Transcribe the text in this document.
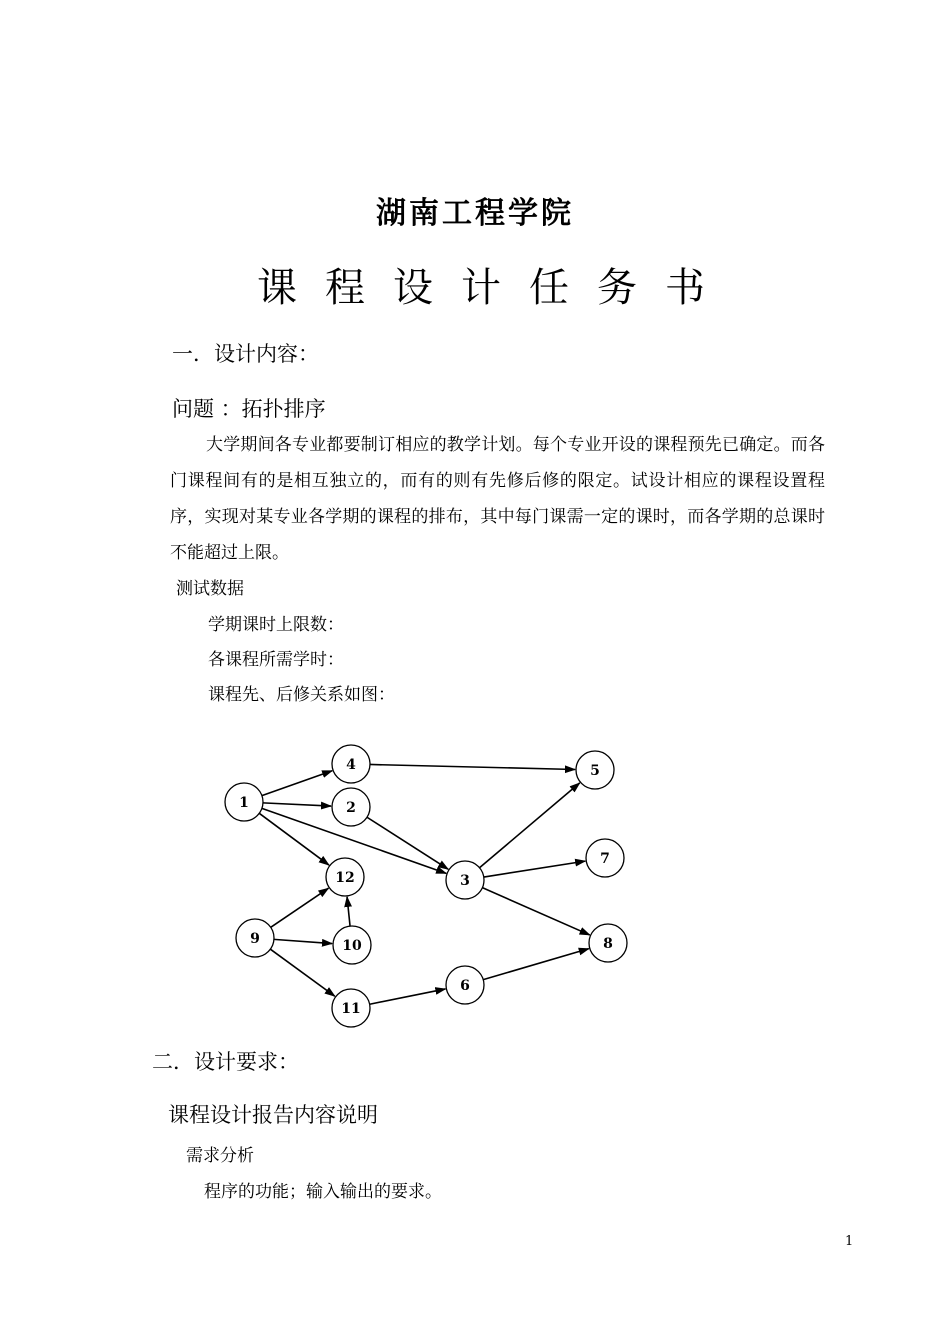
湖南工程学院
课程设计任务书
一．设计内容：
问题 ：拓扑排序
大学期间各专业都要制订相应的教学计划。每个专业开设的课程预先已确定。而各门课程间有的是相互独立的，而有的则有先修后修的限定。试设计相应的课程设置程序，实现对某专业各学期的课程的排布，其中每门课需一定的课时，而各学期的总课时不能超过上限。
测试数据
学期课时上限数：
各课程所需学时：
课程先、后修关系如图：
1	2
3
4	5
6
7
8
9	10
11
12
二．设计要求：
课程设计报告内容说明
需求分析
程序的功能；输入输出的要求。
1
